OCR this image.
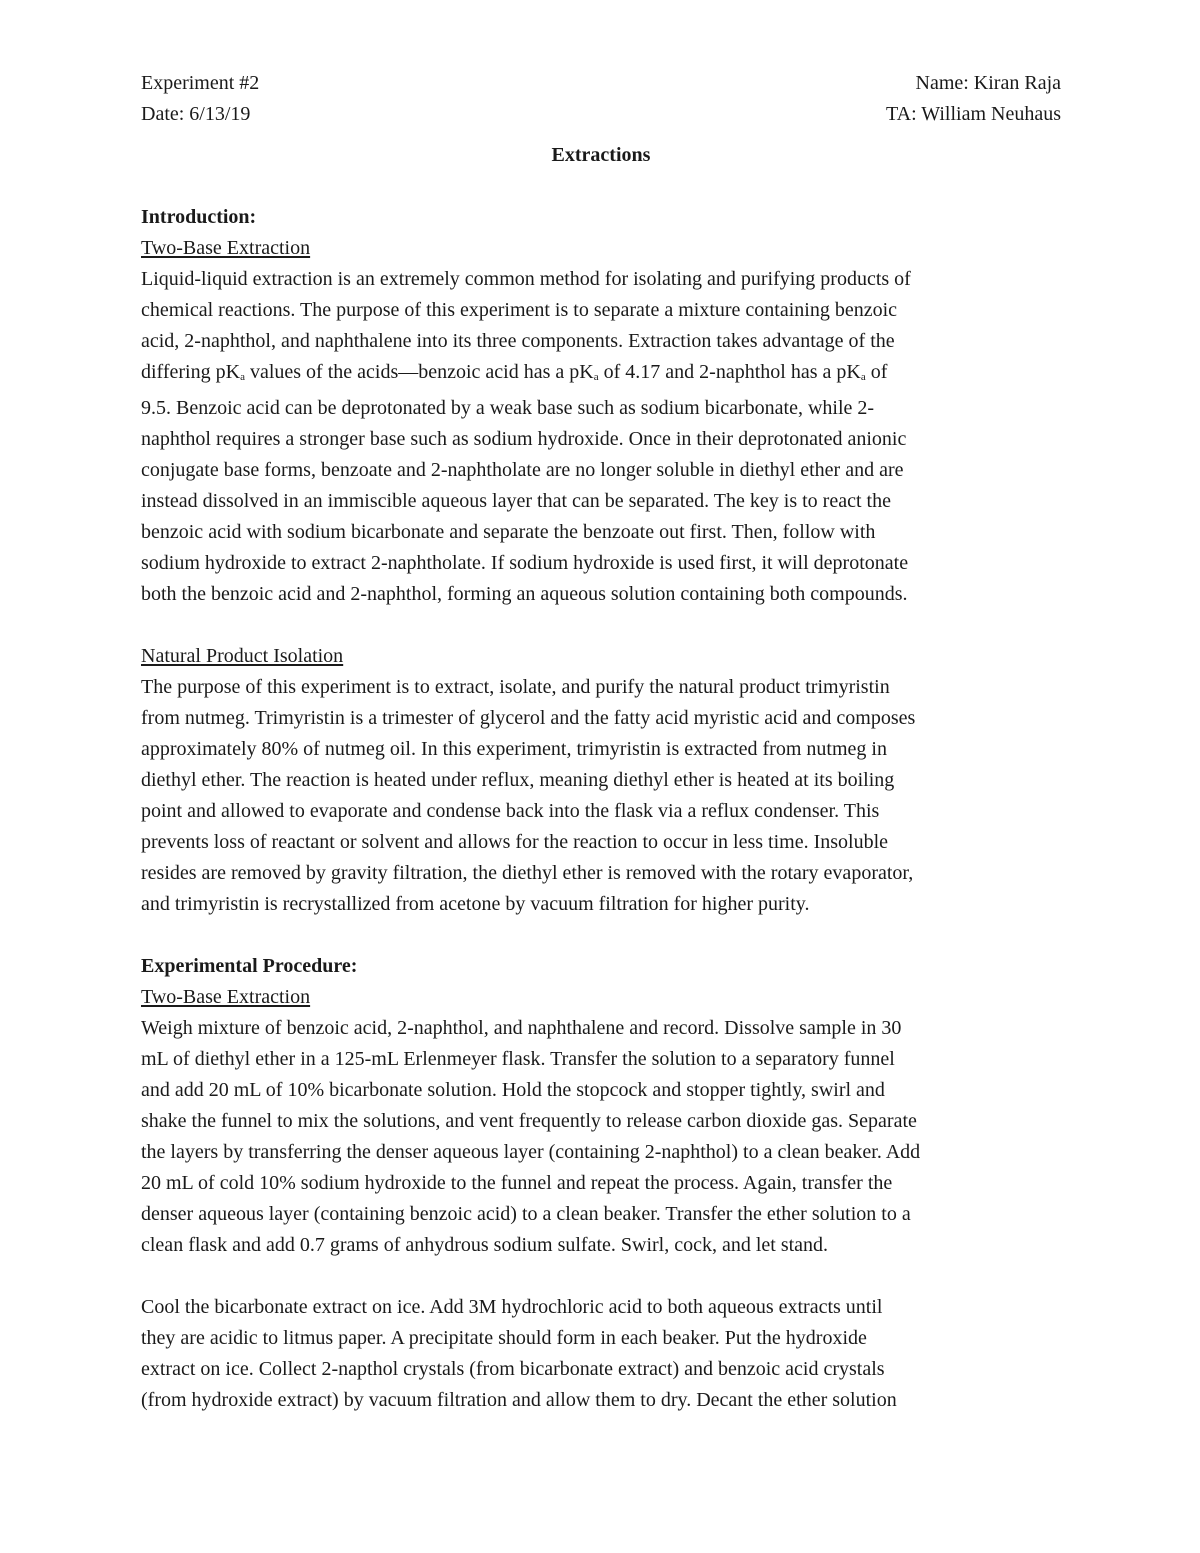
Experiment #2	Name: Kiran Raja
Date: 6/13/19	TA: William Neuhaus
Extractions
Introduction:
Two-Base Extraction

Liquid-liquid extraction is an extremely common method for isolating and purifying products of
chemical reactions. The purpose of this experiment is to separate a mixture containing benzoic
acid, 2-naphthol, and naphthalene into its three components. Extraction takes advantage of the
differing $pK_a$ values of the acids—benzoic acid has a $pK_a$ of 4.17 and 2-naphthol has a $pK_a$ of
9.5. Benzoic acid can be deprotonated by a weak base such as sodium bicarbonate, while 2-
naphthol requires a stronger base such as sodium hydroxide. Once in their deprotonated anionic
conjugate base forms, benzoate and 2-naphtholate are no longer soluble in diethyl ether and are
instead dissolved in an immiscible aqueous layer that can be separated. The key is to react the
benzoic acid with sodium bicarbonate and separate the benzoate out first. Then, follow with
sodium hydroxide to extract 2-naphtholate. If sodium hydroxide is used first, it will deprotonate
both the benzoic acid and 2-naphthol, forming an aqueous solution containing both compounds.

Natural Product Isolation

The purpose of this experiment is to extract, isolate, and purify the natural product trimyristin
from nutmeg. Trimyristin is a trimester of glycerol and the fatty acid myristic acid and composes
approximately 80% of nutmeg oil. In this experiment, trimyristin is extracted from nutmeg in
diethyl ether. The reaction is heated under reflux, meaning diethyl ether is heated at its boiling
point and allowed to evaporate and condense back into the flask via a reflux condenser. This
prevents loss of reactant or solvent and allows for the reaction to occur in less time. Insoluble
resides are removed by gravity filtration, the diethyl ether is removed with the rotary evaporator,
and trimyristin is recrystallized from acetone by vacuum filtration for higher purity.

Experimental Procedure:
Two-Base Extraction

Weigh mixture of benzoic acid, 2-naphthol, and naphthalene and record. Dissolve sample in 30
mL of diethyl ether in a 125-mL Erlenmeyer flask. Transfer the solution to a separatory funnel
and add 20 mL of 10% bicarbonate solution. Hold the stopcock and stopper tightly, swirl and
shake the funnel to mix the solutions, and vent frequently to release carbon dioxide gas. Separate
the layers by transferring the denser aqueous layer (containing 2-naphthol) to a clean beaker. Add
20 mL of cold 10% sodium hydroxide to the funnel and repeat the process. Again, transfer the
denser aqueous layer (containing benzoic acid) to a clean beaker. Transfer the ether solution to a
clean flask and add 0.7 grams of anhydrous sodium sulfate. Swirl, cock, and let stand.

Cool the bicarbonate extract on ice. Add 3M hydrochloric acid to both aqueous extracts until
they are acidic to litmus paper. A precipitate should form in each beaker. Put the hydroxide
extract on ice. Collect 2-napthol crystals (from bicarbonate extract) and benzoic acid crystals
(from hydroxide extract) by vacuum filtration and allow them to dry. Decant the ether solution
